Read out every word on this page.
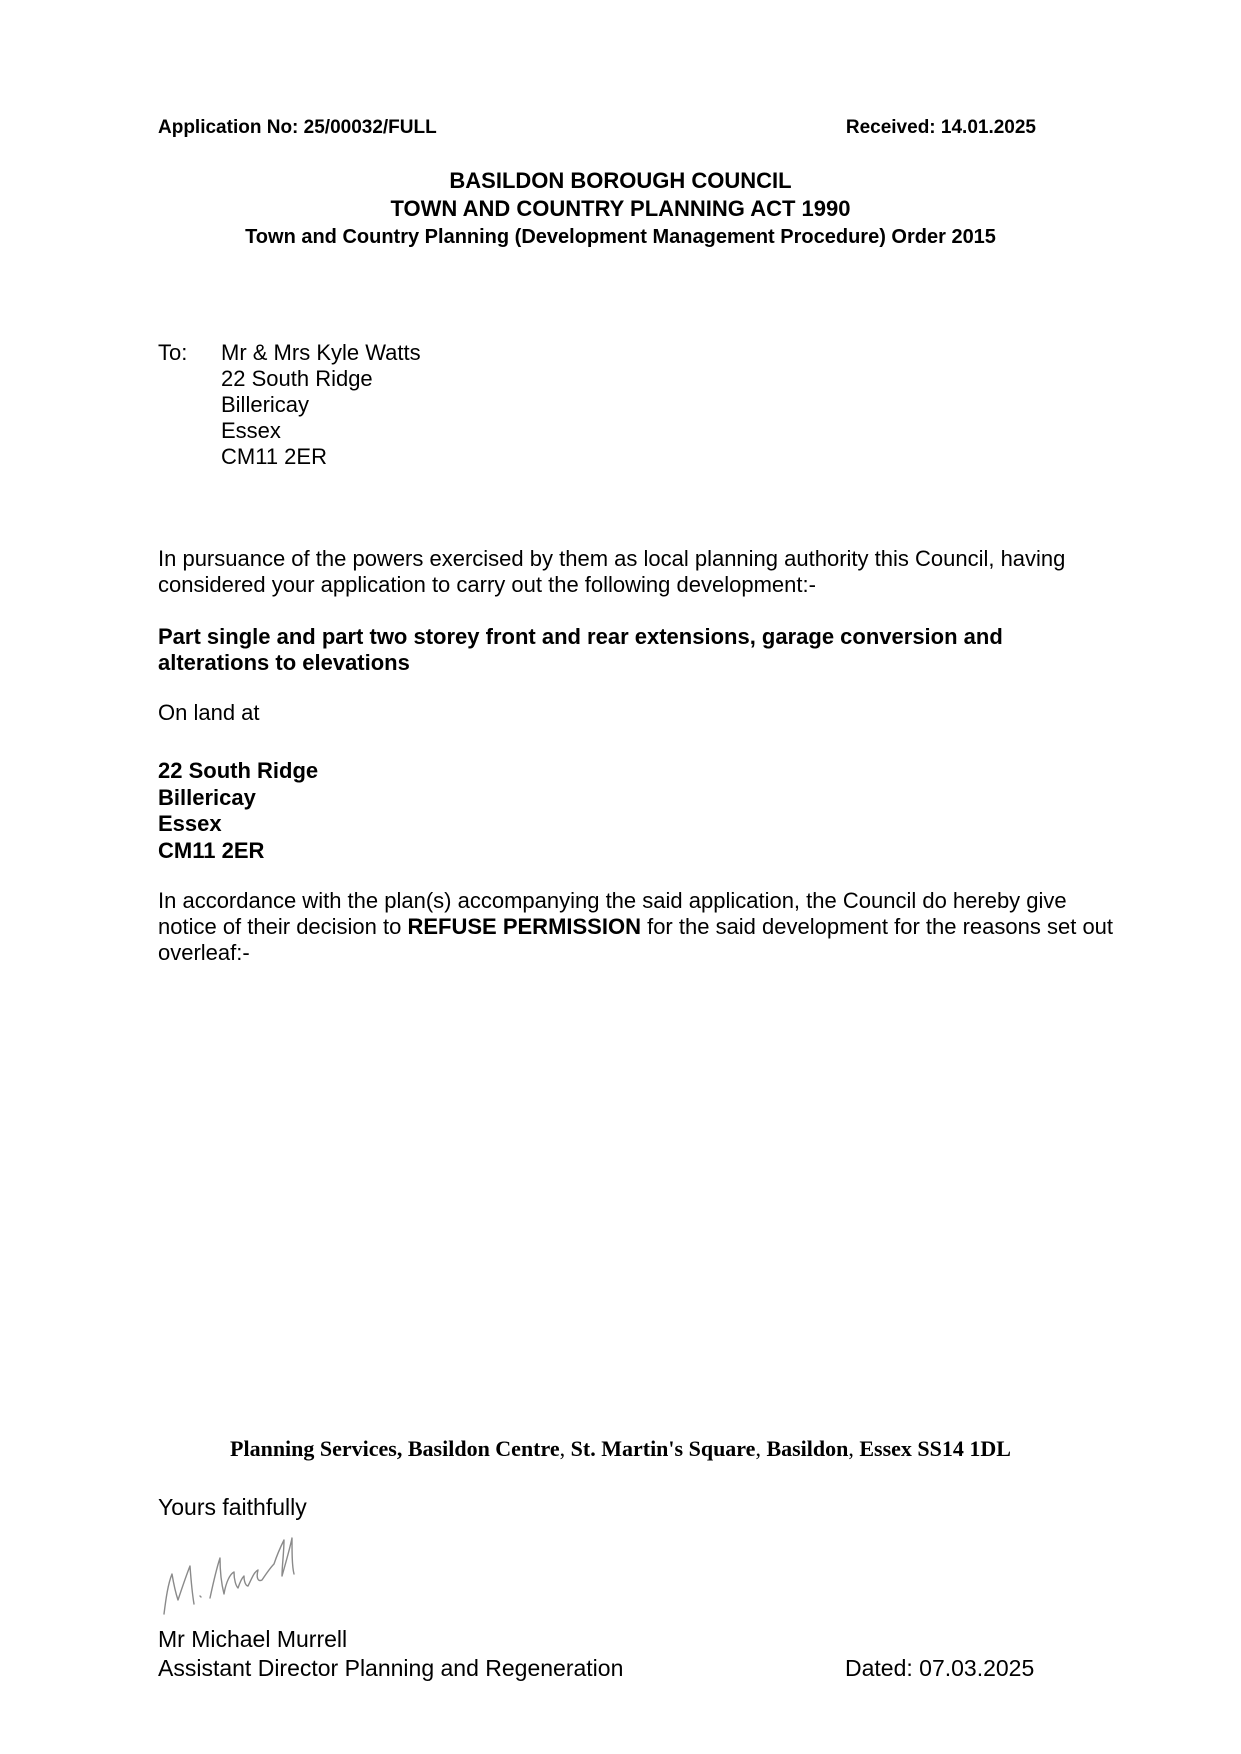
Application No: 25/00032/FULL	Received: 14.01.2025
BASILDON BOROUGH COUNCIL
TOWN AND COUNTRY PLANNING ACT 1990
Town and Country Planning (Development Management Procedure) Order 2015
To: Mr & Mrs Kyle Watts
22 South Ridge
Billericay
Essex
CM11 2ER
In pursuance of the powers exercised by them as local planning authority this Council, having considered your application to carry out the following development:-
Part single and part two storey front and rear extensions, garage conversion and alterations to elevations
On land at
22 South Ridge
Billericay
Essex
CM11 2ER
In accordance with the plan(s) accompanying the said application, the Council do hereby give notice of their decision to REFUSE PERMISSION for the said development for the reasons set out overleaf:-
Planning Services, Basildon Centre, St. Martin's Square, Basildon, Essex SS14 1DL
Yours faithfully
Mr Michael Murrell
Assistant Director Planning and Regeneration	Dated: 07.03.2025
